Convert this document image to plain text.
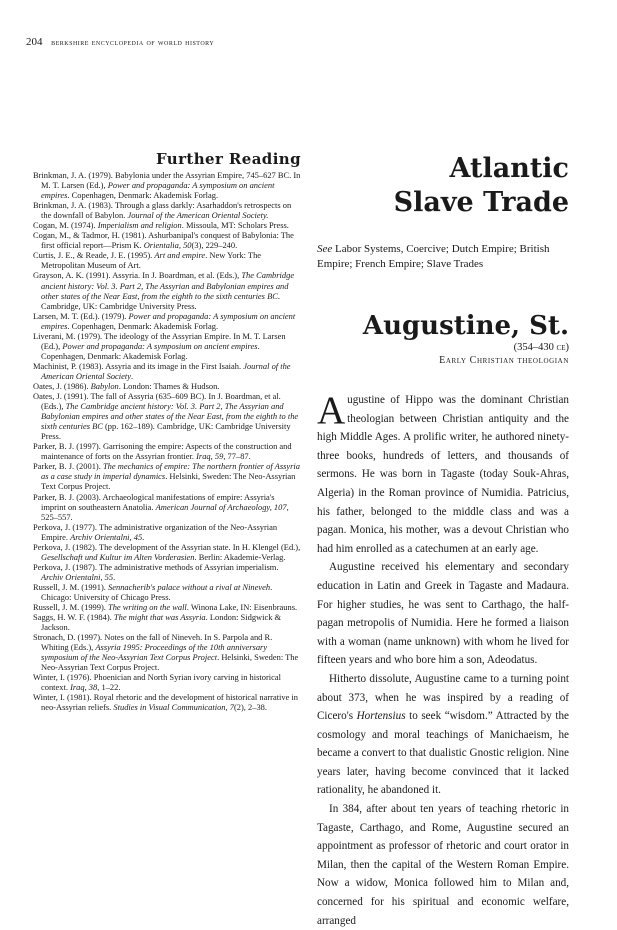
204 berkshire encyclopedia of world history
Further Reading

Brinkman, J. A. (1979). Babylonia under the Assyrian Empire, 745–627 BC. In M. T. Larsen (Ed.), Power and propaganda: A symposium on ancient empires. Copenhagen, Denmark: Akademisk Forlag.

Brinkman, J. A. (1983). Through a glass darkly: Asarhaddon's retrospects on the downfall of Babylon. Journal of the American Oriental Society.

Cogan, M. (1974). Imperialism and religion. Missoula, MT: Scholars Press.

Cogan, M., & Tadmor, H. (1981). Ashurbanipal's conquest of Babylonia: The first official report—Prism K. Orientalia, 50(3), 229–240.

Curtis, J. E., & Reade, J. E. (1995). Art and empire. New York: The Metropolitan Museum of Art.

Grayson, A. K. (1991). Assyria. In J. Boardman, et al. (Eds.), The Cambridge ancient history: Vol. 3. Part 2, The Assyrian and Babylonian empires and other states of the Near East, from the eighth to the sixth centuries BC. Cambridge, UK: Cambridge University Press.

Larsen, M. T. (Ed.). (1979). Power and propaganda: A symposium on ancient empires. Copenhagen, Denmark: Akademisk Forlag.

Liverani, M. (1979). The ideology of the Assyrian Empire. In M. T. Larsen (Ed.), Power and propaganda: A symposium on ancient empires. Copenhagen, Denmark: Akademisk Forlag.

Machinist, P. (1983). Assyria and its image in the First Isaiah. Journal of the American Oriental Society.

Oates, J. (1986). Babylon. London: Thames & Hudson.

Oates, J. (1991). The fall of Assyria (635–609 BC). In J. Boardman, et al. (Eds.), The Cambridge ancient history: Vol. 3. Part 2, The Assyrian and Babylonian empires and other states of the Near East, from the eighth to the sixth centuries BC (pp. 162–189). Cambridge, UK: Cambridge University Press.

Parker, B. J. (1997). Garrisoning the empire: Aspects of the construction and maintenance of forts on the Assyrian frontier. Iraq, 59, 77–87.

Parker, B. J. (2001). The mechanics of empire: The northern frontier of Assyria as a case study in imperial dynamics. Helsinki, Sweden: The Neo-Assyrian Text Corpus Project.

Parker, B. J. (2003). Archaeological manifestations of empire: Assyria's imprint on southeastern Anatolia. American Journal of Archaeology, 107, 525–557.

Perkova, J. (1977). The administrative organization of the Neo-Assyrian Empire. Archiv Orientalni, 45.

Perkova, J. (1982). The development of the Assyrian state. In H. Klengel (Ed.), Gesellschaft und Kultur im Alten Vorderasien. Berlin: Akademie-Verlag.

Perkova, J. (1987). The administrative methods of Assyrian imperialism. Archiv Orientalni, 55.

Russell, J. M. (1991). Sennacherib's palace without a rival at Nineveh. Chicago: University of Chicago Press.

Russell, J. M. (1999). The writing on the wall. Winona Lake, IN: Eisenbrauns.

Saggs, H. W. F. (1984). The might that was Assyria. London: Sidgwick & Jackson.

Stronach, D. (1997). Notes on the fall of Nineveh. In S. Parpola and R. Whiting (Eds.), Assyria 1995: Proceedings of the 10th anniversary symposium of the Neo-Assyrian Text Corpus Project. Helsinki, Sweden: The Neo-Assyrian Text Corpus Project.

Winter, I. (1976). Phoenician and North Syrian ivory carving in historical context. Iraq, 38, 1–22.

Winter, I. (1981). Royal rhetoric and the development of historical narrative in neo-Assyrian reliefs. Studies in Visual Communication, 7(2), 2–38.

Atlantic
Slave Trade

See Labor Systems, Coercive; Dutch Empire; British Empire; French Empire; Slave Trades

Augustine, St.
(354–430 ce)
Early Christian theologian

Augustine of Hippo was the dominant Christian theologian between Christian antiquity and the high Middle Ages. A prolific writer, he authored ninety-three books, hundreds of letters, and thousands of sermons. He was born in Tagaste (today Souk-Ahras, Algeria) in the Roman province of Numidia. Patricius, his father, belonged to the middle class and was a pagan. Monica, his mother, was a devout Christian who had him enrolled as a catechumen at an early age.

Augustine received his elementary and secondary education in Latin and Greek in Tagaste and Madaura. For higher studies, he was sent to Carthago, the half-pagan metropolis of Numidia. Here he formed a liaison with a woman (name unknown) with whom he lived for fifteen years and who bore him a son, Adeodatus.

Hitherto dissolute, Augustine came to a turning point about 373, when he was inspired by a reading of Cicero's Hortensius to seek “wisdom.” Attracted by the cosmology and moral teachings of Manichaeism, he became a convert to that dualistic Gnostic religion. Nine years later, having become convinced that it lacked rationality, he abandoned it.

In 384, after about ten years of teaching rhetoric in Tagaste, Carthago, and Rome, Augustine secured an appointment as professor of rhetoric and court orator in Milan, then the capital of the Western Roman Empire. Now a widow, Monica followed him to Milan and, concerned for his spiritual and economic welfare, arranged
